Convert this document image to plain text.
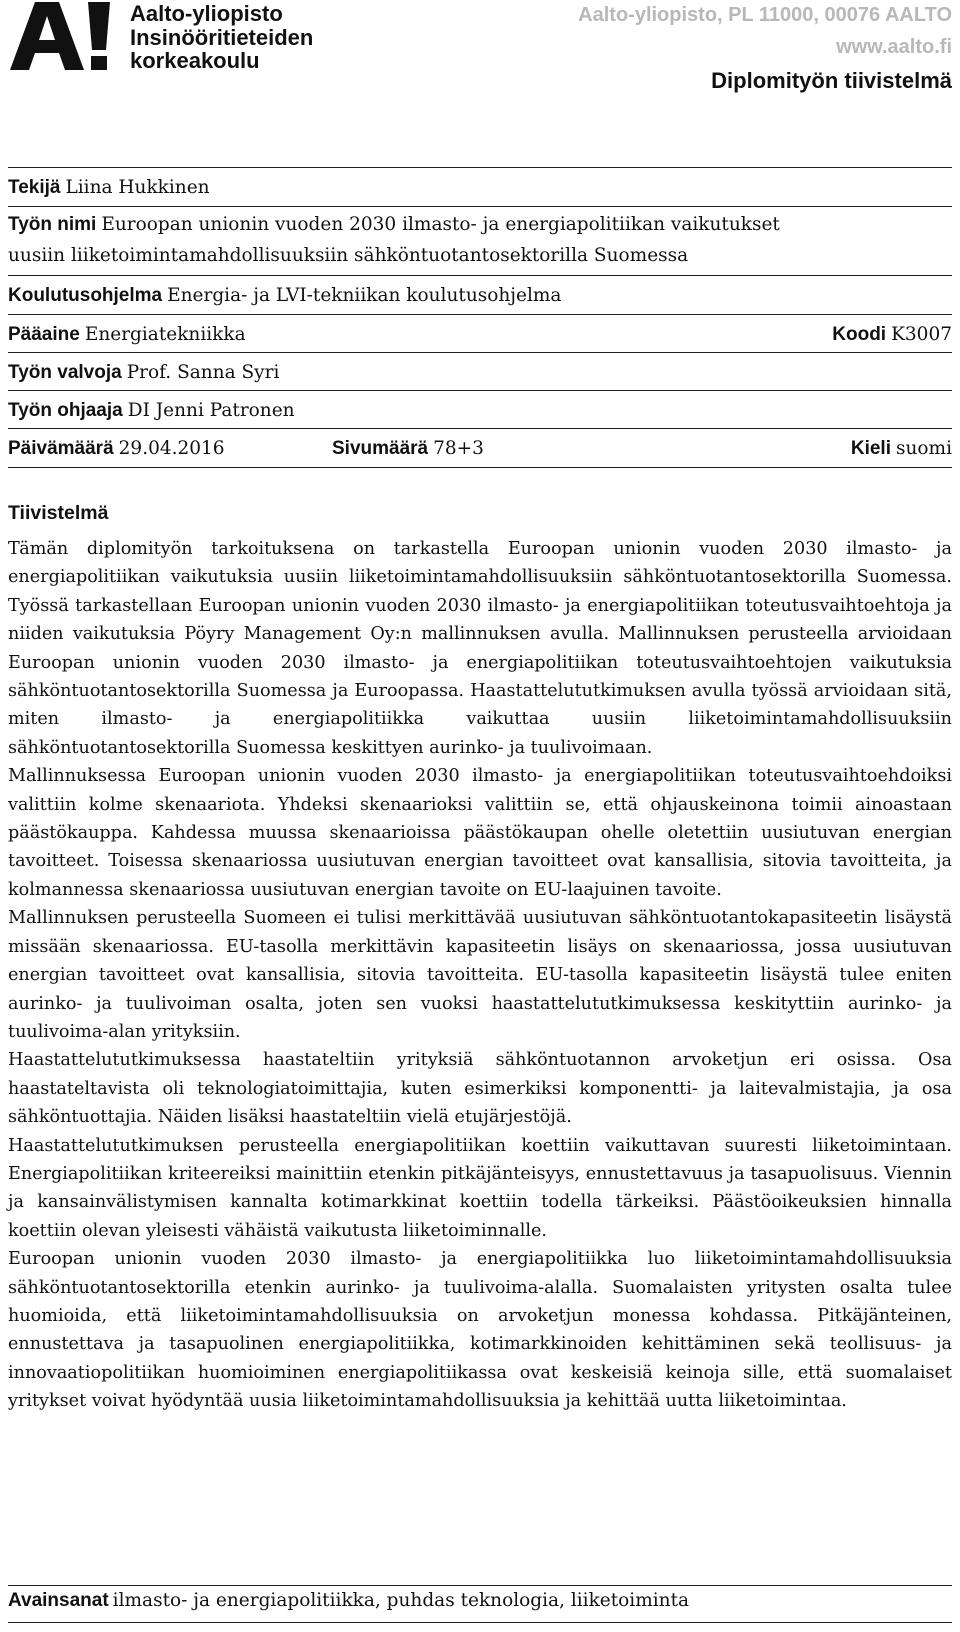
Aalto-yliopisto
Insinööritieteiden
korkeakoulu
Aalto-yliopisto, PL 11000, 00076 AALTO
www.aalto.fi
Diplomityön tiivistelmä
Tekijä Liina Hukkinen
Työn nimi Euroopan unionin vuoden 2030 ilmasto- ja energiapolitiikan vaikutukset
uusiin liiketoimintamahdollisuuksiin sähköntuotantosektorilla Suomessa
Koulutusohjelma Energia- ja LVI-tekniikan koulutusohjelma
Pääaine Energiatekniikka	Koodi K3007
Työn valvoja Prof. Sanna Syri
Työn ohjaaja DI Jenni Patronen
Päivämäärä 29.04.2016	Sivumäärä 78+3	Kieli suomi
Tiivistelmä

Tämän diplomityön tarkoituksena on tarkastella Euroopan unionin vuoden 2030 ilmasto- ja energiapolitiikan vaikutuksia uusiin liiketoimintamahdollisuuksiin sähköntuotantosektorilla Suomessa. Työssä tarkastellaan Euroopan unionin vuoden 2030 ilmasto- ja energiapolitiikan toteutusvaihtoehtoja ja niiden vaikutuksia Pöyry Management Oy:n mallinnuksen avulla. Mallinnuksen perusteella arvioidaan Euroopan unionin vuoden 2030 ilmasto- ja energiapolitiikan toteutusvaihtoehtojen vaikutuksia sähköntuotantosektorilla Suomessa ja Euroopassa. Haastattelututkimuksen avulla työssä arvioidaan sitä, miten ilmasto- ja energiapolitiikka vaikuttaa uusiin liiketoimintamahdollisuuksiin sähköntuotantosektorilla Suomessa keskittyen aurinko- ja tuulivoimaan.

Mallinnuksessa Euroopan unionin vuoden 2030 ilmasto- ja energiapolitiikan toteutusvaihtoehdoiksi valittiin kolme skenaariota. Yhdeksi skenaarioksi valittiin se, että ohjauskeinona toimii ainoastaan päästökauppa. Kahdessa muussa skenaarioissa päästökaupan ohelle oletettiin uusiutuvan energian tavoitteet. Toisessa skenaariossa uusiutuvan energian tavoitteet ovat kansallisia, sitovia tavoitteita, ja kolmannessa skenaariossa uusiutuvan energian tavoite on EU-laajuinen tavoite.

Mallinnuksen perusteella Suomeen ei tulisi merkittävää uusiutuvan sähköntuotantokapasiteetin lisäystä missään skenaariossa. EU-tasolla merkittävin kapasiteetin lisäys on skenaariossa, jossa uusiutuvan energian tavoitteet ovat kansallisia, sitovia tavoitteita. EU-tasolla kapasiteetin lisäystä tulee eniten aurinko- ja tuulivoiman osalta, joten sen vuoksi haastattelututkimuksessa keskityttiin aurinko- ja tuulivoima-alan yrityksiin.

Haastattelututkimuksessa haastateltiin yrityksiä sähköntuotannon arvoketjun eri osissa. Osa haastateltavista oli teknologiatoimittajia, kuten esimerkiksi komponentti- ja laitevalmistajia, ja osa sähköntuottajia. Näiden lisäksi haastateltiin vielä etujärjestöjä.

Haastattelututkimuksen perusteella energiapolitiikan koettiin vaikuttavan suuresti liiketoimintaan. Energiapolitiikan kriteereiksi mainittiin etenkin pitkäjänteisyys, ennustettavuus ja tasapuolisuus. Viennin ja kansainvälistymisen kannalta kotimarkkinat koettiin todella tärkeiksi. Päästöoikeuksien hinnalla koettiin olevan yleisesti vähäistä vaikutusta liiketoiminnalle.

Euroopan unionin vuoden 2030 ilmasto- ja energiapolitiikka luo liiketoimintamahdollisuuksia sähköntuotantosektorilla etenkin aurinko- ja tuulivoima-alalla. Suomalaisten yritysten osalta tulee huomioida, että liiketoimintamahdollisuuksia on arvoketjun monessa kohdassa. Pitkäjänteinen, ennustettava ja tasapuolinen energiapolitiikka, kotimarkkinoiden kehittäminen sekä teollisuus- ja innovaatiopolitiikan huomioiminen energiapolitiikassa ovat keskeisiä keinoja sille, että suomalaiset yritykset voivat hyödyntää uusia liiketoimintamahdollisuuksia ja kehittää uutta liiketoimintaa.

Avainsanat ilmasto- ja energiapolitiikka, puhdas teknologia, liiketoiminta
